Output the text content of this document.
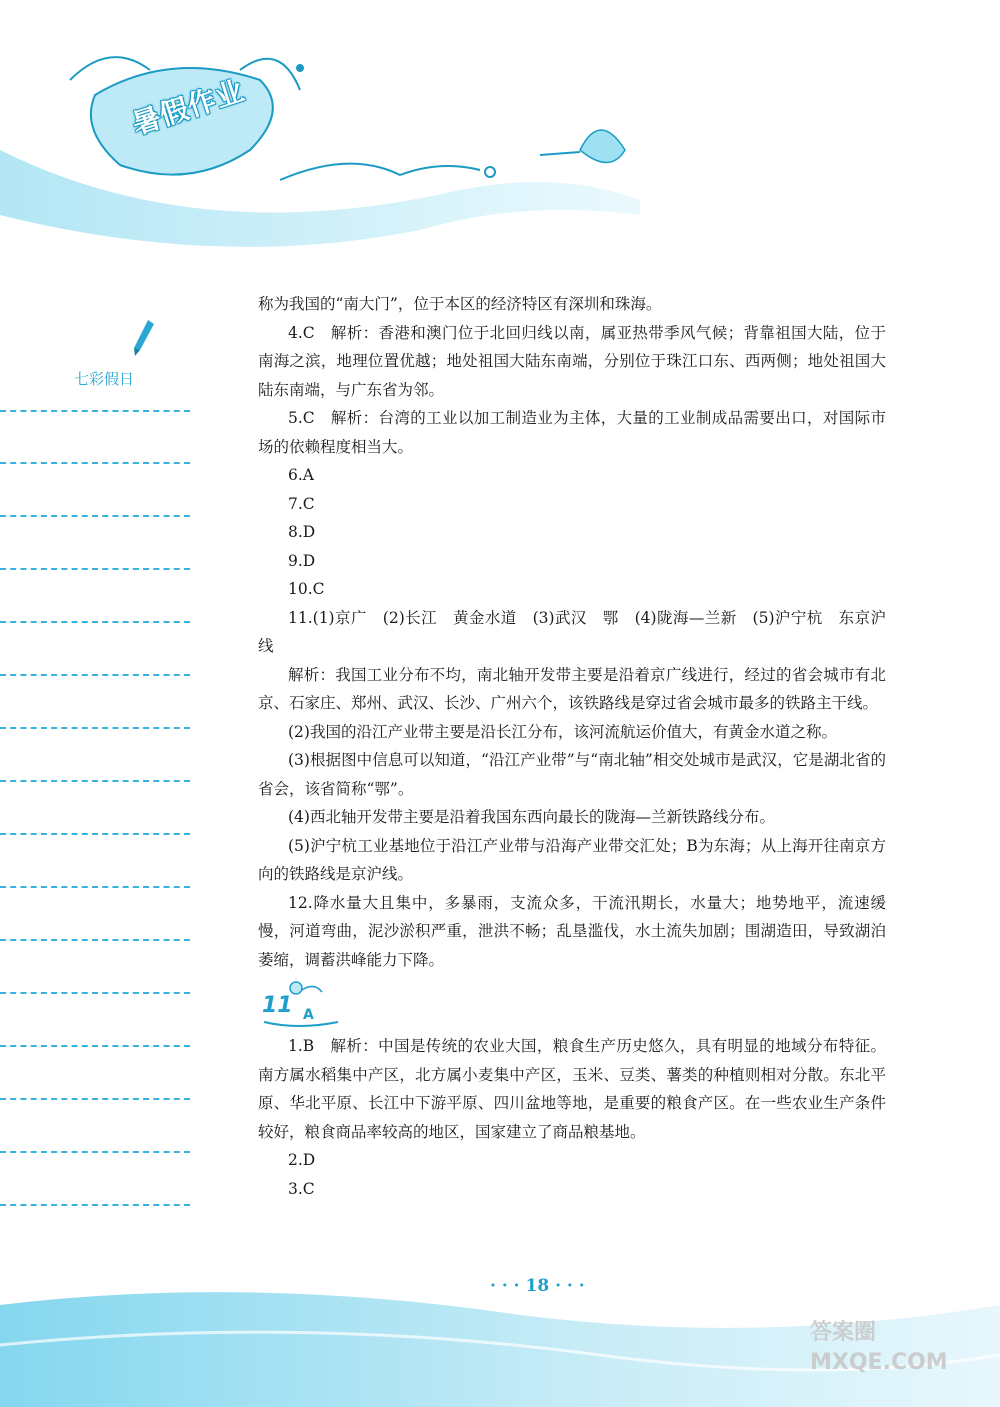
暑假作业
七彩假日

称为我国的“南大门”，位于本区的经济特区有深圳和珠海。

4.C　解析：香港和澳门位于北回归线以南，属亚热带季风气候；背靠祖国大陆，位于南海之滨，地理位置优越；地处祖国大陆东南端，分别位于珠江口东、西两侧；地处祖国大陆东南端，与广东省为邻。

5.C　解析：台湾的工业以加工制造业为主体，大量的工业制成品需要出口，对国际市场的依赖程度相当大。

6.A

7.C

8.D

9.D

10.C

11.(1)京广　(2)长江　黄金水道　(3)武汉　鄂　(4)陇海—兰新　(5)沪宁杭　东京沪线

解析：我国工业分布不均，南北轴开发带主要是沿着京广线进行，经过的省会城市有北京、石家庄、郑州、武汉、长沙、广州六个，该铁路线是穿过省会城市最多的铁路主干线。

(2)我国的沿江产业带主要是沿长江分布，该河流航运价值大，有黄金水道之称。

(3)根据图中信息可以知道，“沿江产业带”与“南北轴”相交处城市是武汉，它是湖北省的省会，该省简称“鄂”。

(4)西北轴开发带主要是沿着我国东西向最长的陇海—兰新铁路线分布。

(5)沪宁杭工业基地位于沿江产业带与沿海产业带交汇处；B为东海；从上海开往南京方向的铁路线是京沪线。

12.降水量大且集中，多暴雨，支流众多，干流汛期长，水量大；地势地平，流速缓慢，河道弯曲，泥沙淤积严重，泄洪不畅；乱垦滥伐，水土流失加剧；围湖造田，导致湖泊萎缩，调蓄洪峰能力下降。

11 A

1.B　解析：中国是传统的农业大国，粮食生产历史悠久，具有明显的地域分布特征。南方属水稻集中产区，北方属小麦集中产区，玉米、豆类、薯类的种植则相对分散。东北平原、华北平原、长江中下游平原、四川盆地等地，是重要的粮食产区。在一些农业生产条件较好，粮食商品率较高的地区，国家建立了商品粮基地。

2.D

3.C

· · · 18 · · ·
答案圈 MXQE.COM
